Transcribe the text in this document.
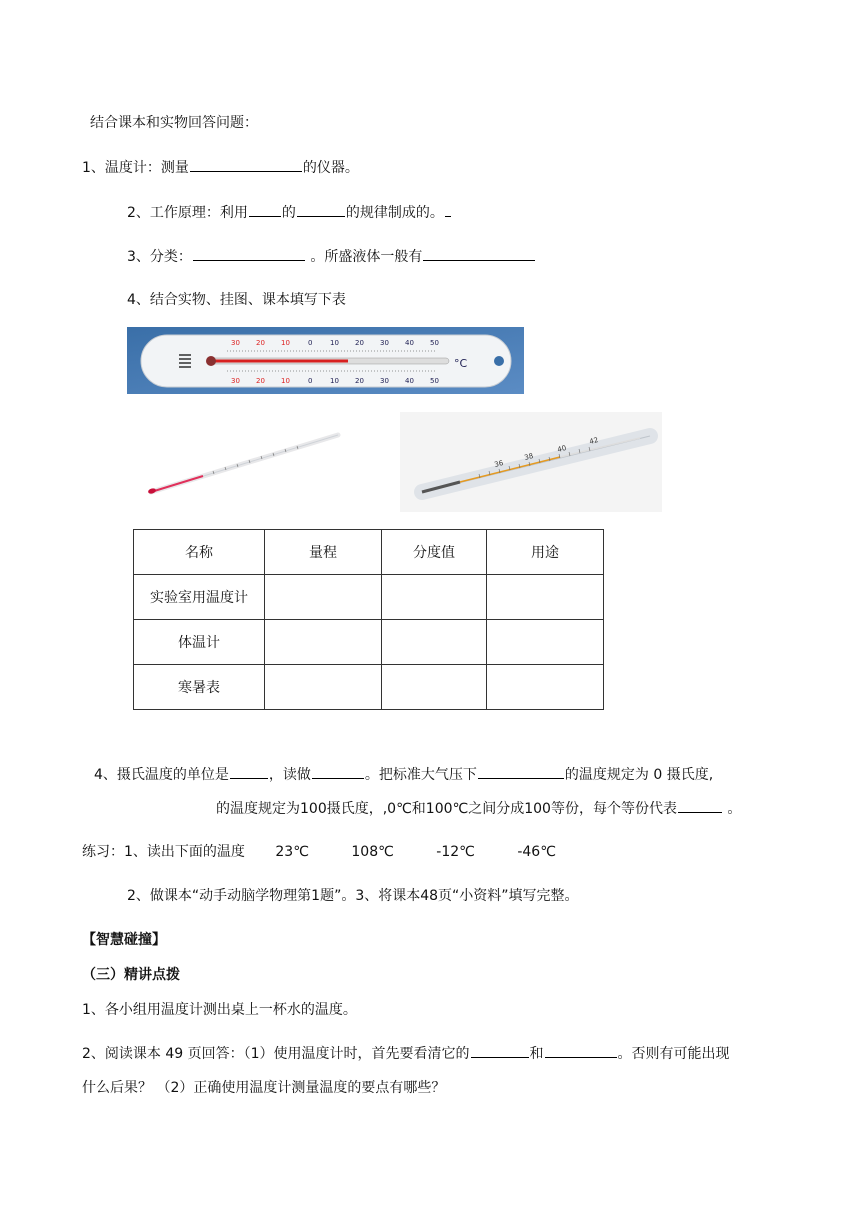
结合课本和实物回答问题：
1、温度计：测量	的仪器。
2、工作原理：利用 的	的规律制成的。
3、分类：	。所盛液体一般有
4、结合实物、挂图、课本填写下表
30 20 10	0	10 20 30 40 50
30 20 10	0	10 20 30 40 50
°C
36
38
40
42
名称	量程	分度值	用途
实验室用温度计			
体温计			
寒暑表			
4、摄氏温度的单位是	，读做	。把标准大气压下	的温度规定为 0 摄氏度,
的温度规定为100摄氏度，,0℃和100℃之间分成100等份，每个等份代表	。
练习：1、读出下面的温度 23℃	108℃	-12℃	-46℃
2、做课本“动手动脑学物理第1题”。3、将课本48页“小资料”填写完整。
【智慧碰撞】
（三）精讲点拨
1、各小组用温度计测出桌上一杯水的温度。
2、阅读课本 49 页回答：（1）使用温度计时，首先要看清它的	和	。否则有可能出现
什么后果？ （2）正确使用温度计测量温度的要点有哪些？
